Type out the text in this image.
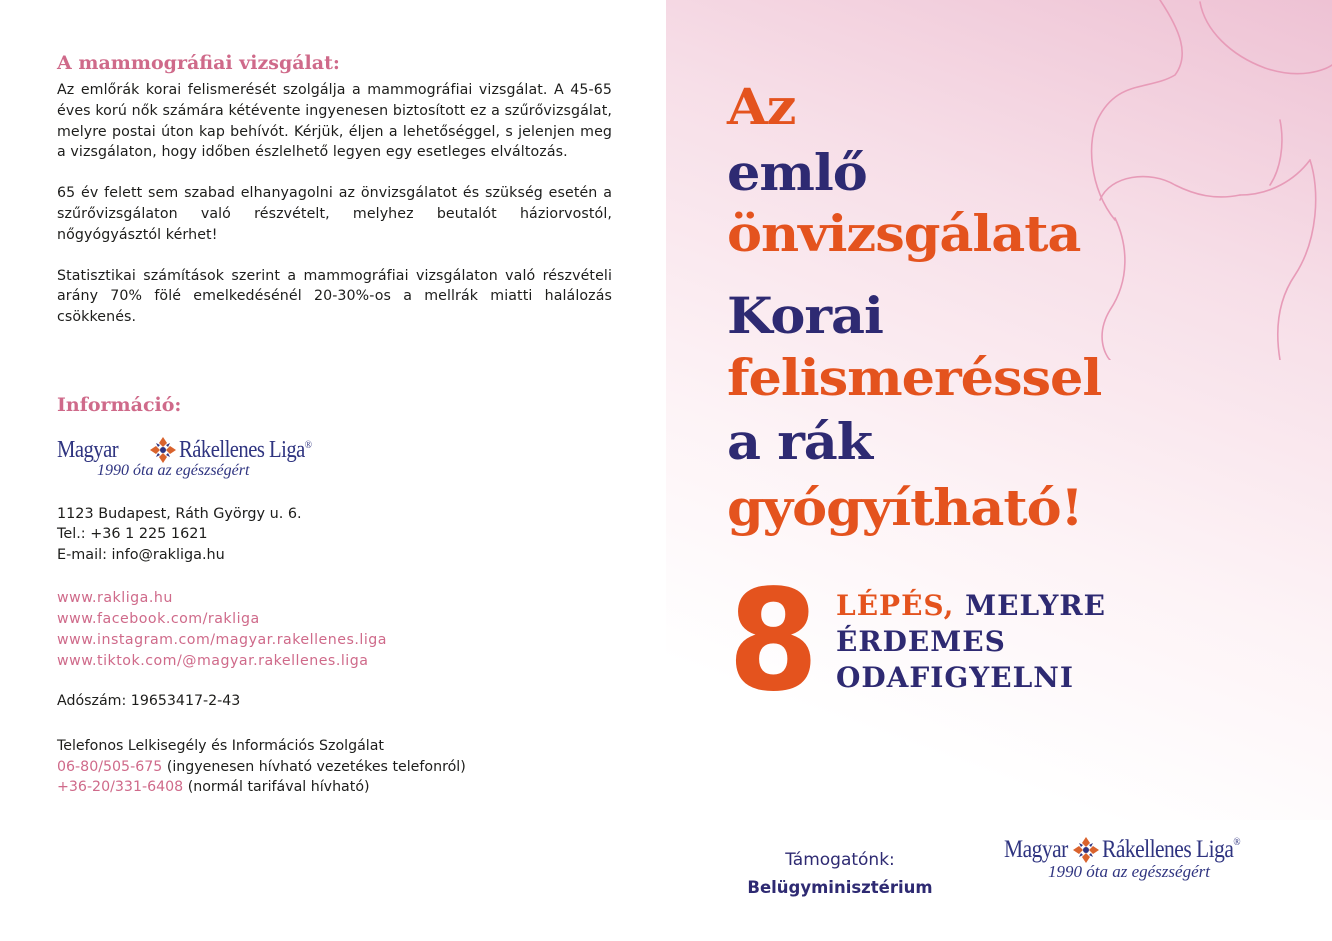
A mammográfiai vizsgálat:

Az emlőrák korai felismerését szolgálja a mammográfiai vizsgálat. A 45-65 éves korú nők számára kétévente ingyenesen biztosított ez a szűrővizsgálat, melyre postai úton kap behívót. Kérjük, éljen a lehetőséggel, s jelenjen meg a vizsgálaton, hogy időben észlelhető legyen egy esetleges elváltozás.

65 év felett sem szabad elhanyagolni az önvizsgálatot és szükség esetén a szűrővizsgálaton való részvételt, melyhez beutalót háziorvostól, nőgyógyásztól kérhet!

Statisztikai számítások szerint a mammográfiai vizsgálaton való részvételi arány 70% fölé emelkedésénél 20-30%-os a mellrák miatti halálozás csökkenés.

Információ:
Magyar	Rákellenes Liga®
1990 óta az egészségért
1123 Budapest, Ráth György u. 6.
Tel.: +36 1 225 1621
E-mail: info@rakliga.hu
www.rakliga.hu
www.facebook.com/rakliga
www.instagram.com/magyar.rakellenes.liga
www.tiktok.com/@magyar.rakellenes.liga
Adószám: 19653417-2-43
Telefonos Lelkisegély és Információs Szolgálat
06-80/505-675 (ingyenesen hívható vezetékes telefonról)
+36-20/331-6408 (normál tarifával hívható)
Az
emlő
önvizsgálata
Korai
felismeréssel
a rák
gyógyítható!
8 LÉPÉS, MELYRE
ÉRDEMES
ODAFIGYELNI
Támogatónk:
Belügyminisztérium
Magyar Rákellenes Liga®
1990 óta az egészségért
